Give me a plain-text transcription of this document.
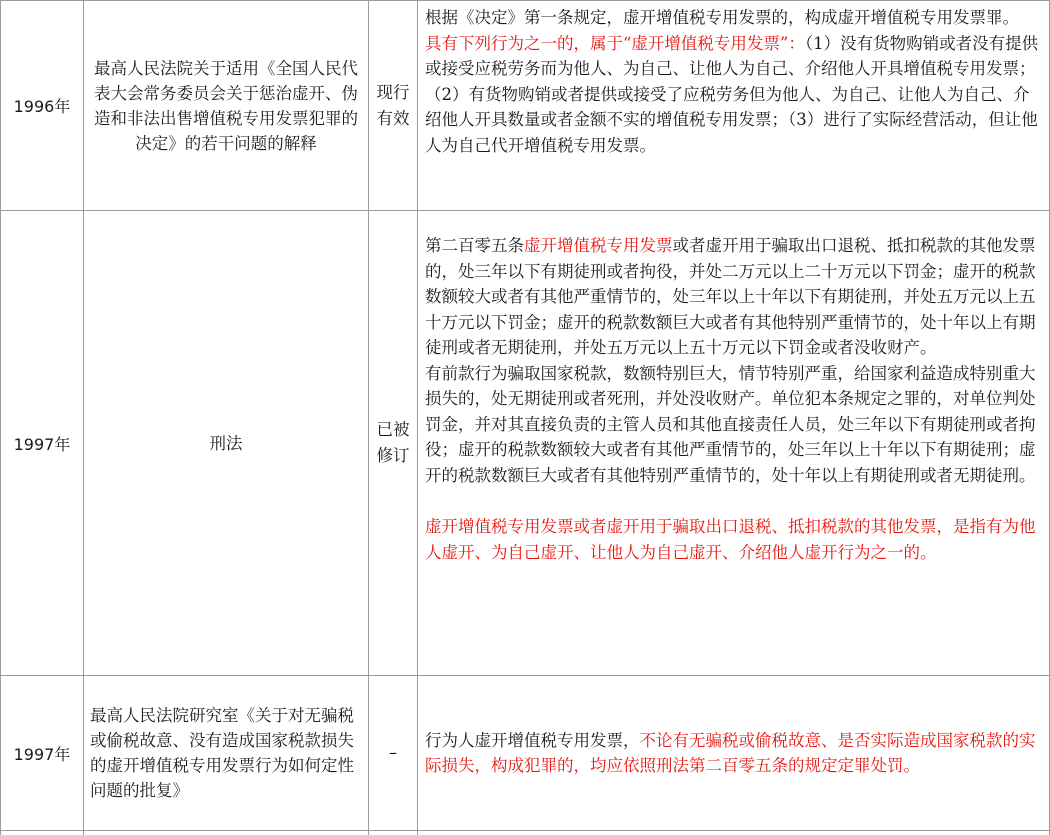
1996年	最高人民法院关于适用《全国人民代表大会常务委员会关于惩治虚开、伪造和非法出售增值税专用发票犯罪的决定》的若干问题的解释	现行有效	根据《决定》第一条规定，虚开增值税专用发票的，构成虚开增值税专用发票罪。
具有下列行为之一的，属于“虚开增值税专用发票”：（1）没有货物购销或者没有提供或接受应税劳务而为他人、为自己、让他人为自己、介绍他人开具增值税专用发票；（2）有货物购销或者提供或接受了应税劳务但为他人、为自己、让他人为自己、介绍他人开具数量或者金额不实的增值税专用发票；（3）进行了实际经营活动，但让他人为自己代开增值税专用发票。

1997年	刑法	已被修订	第二百零五条虚开增值税专用发票或者虚开用于骗取出口退税、抵扣税款的其他发票的，处三年以下有期徒刑或者拘役，并处二万元以上二十万元以下罚金；虚开的税款数额较大或者有其他严重情节的，处三年以上十年以下有期徒刑，并处五万元以上五十万元以下罚金；虚开的税款数额巨大或者有其他特别严重情节的，处十年以上有期徒刑或者无期徒刑，并处五万元以上五十万元以下罚金或者没收财产。
有前款行为骗取国家税款，数额特别巨大，情节特别严重，给国家利益造成特别重大损失的，处无期徒刑或者死刑，并处没收财产。单位犯本条规定之罪的，对单位判处罚金，并对其直接负责的主管人员和其他直接责任人员，处三年以下有期徒刑或者拘役；虚开的税款数额较大或者有其他严重情节的，处三年以上十年以下有期徒刑；虚开的税款数额巨大或者有其他特别严重情节的，处十年以上有期徒刑或者无期徒刑。
虚开增值税专用发票或者虚开用于骗取出口退税、抵扣税款的其他发票，是指有为他人虚开、为自己虚开、让他人为自己虚开、介绍他人虚开行为之一的。

1997年	最高人民法院研究室《关于对无骗税或偷税故意、没有造成国家税款损失的虚开增值税专用发票行为如何定性问题的批复》	–	行为人虚开增值税专用发票，不论有无骗税或偷税故意、是否实际造成国家税款的实际损失，构成犯罪的，均应依照刑法第二百零五条的规定定罪处罚。
